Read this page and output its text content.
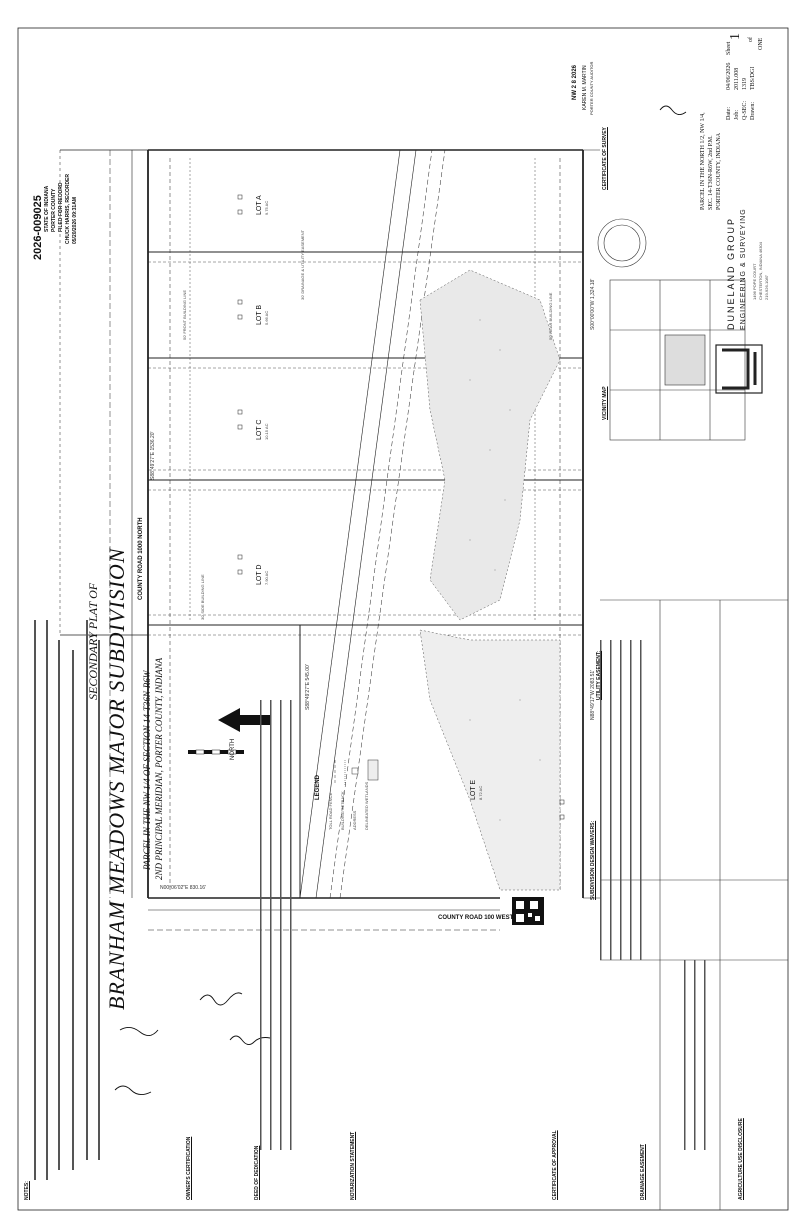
2026-009025 STATE OF INDIANA PORTER COUNTY FILED FOR RECORD CHUCK HARRIS, RECORDER 05/20/2026 09:31AM
SECONDARY PLAT OF BRANHAM MEADOWS MAJOR SUBDIVISION PARCEL IN THE NW 1/4 OF SECTION 14-T36N-R6W 2ND PRINCIPAL MERIDIAN, PORTER COUNTY, INDIANA
COUNTY ROAD 1000 NORTH
COUNTY ROAD 100 WEST
S00°00'00"W 1,324.18'
N88°49'17"W 2083.51'
S88°49'27"E 1536.20'
S88°49'27"E 545.00'
N00°06'02"E 830.16'
LOT A 9.75 AC
LOT B 5.66 AC
LOT C 10.15 AC
LOT D 7.90 AC
LOT E 8.72 AC
30' DRAINAGE & UTILITY EASEMENT
30' SIDE BUILDING LINE
50' FRONT BUILDING LINE	50' REAR BUILDING LINE
NORTH
LEGEND
TOLL ROAD FENCE BUILDING SETBACK ADDRESS DELINEATED WETLANDS
NOTES:	OWNER'S CERTIFICATION	DEED OF DEDICATION	NOTARIZATION STATEMENT	CERTIFICATE OF APPROVAL	DRAINAGE EASEMENT	AGRICULTURE USE DISCLOSURE
SUBDIVISION DESIGN WAIVERS:
UTILITY EASEMENT:
CERTIFICATE OF SURVEY
VICINITY MAP
DUNELAND GROUP ENGINEERING & SURVEYING 1496 POPE COURT CHESTERTON, INDIANA 46304 219-926-1087
PARCEL IN THE NORTH 1/2, NW 1/4, SEC. 14-T36N-R6W, 2nd P.M. PORTER COUNTY, INDIANA
Date:
04/06/2026
Job:
2011.008
Q-SEC:
1319
Drawn:
TBS/DGI
Sheet
1 of ONE
NW 2 8 2026 KAREN M. MARTIN PORTER COUNTY AUDITOR
